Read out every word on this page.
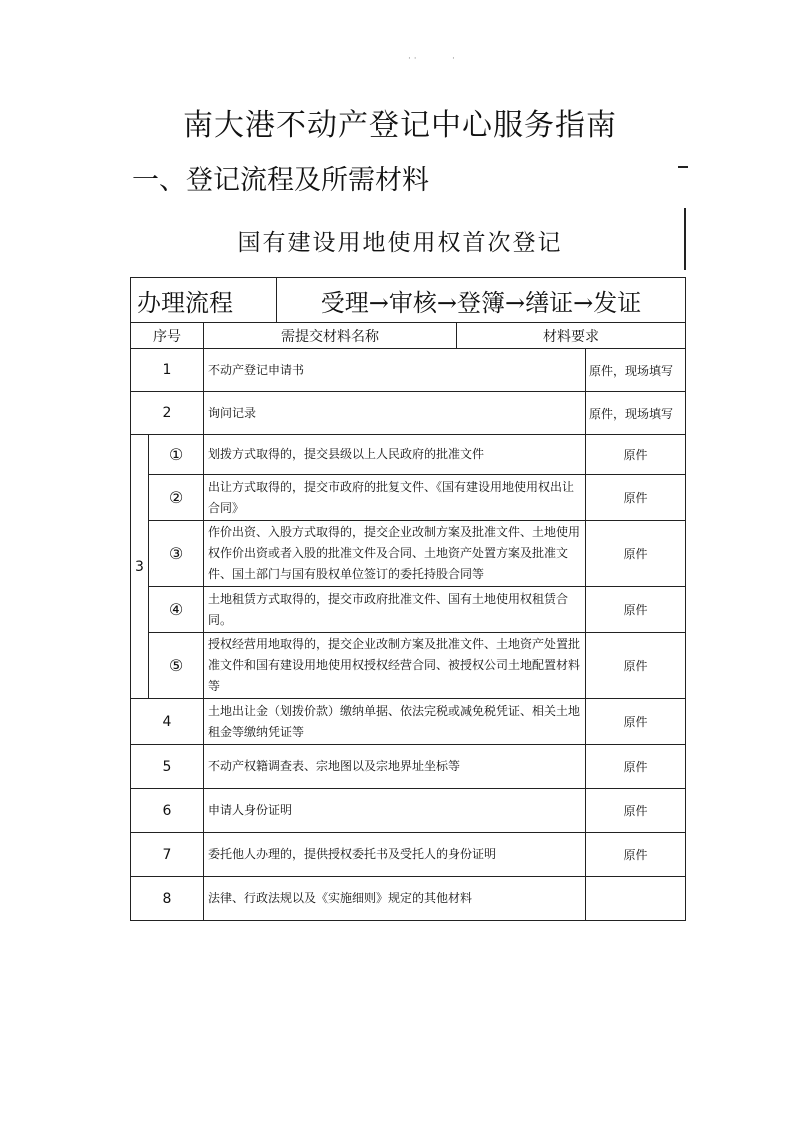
· ·	·
南大港不动产登记中心服务指南
一、登记流程及所需材料
国有建设用地使用权首次登记
办理流程			受理→审核→登簿→缮证→发证		
序号		需提交材料名称		材料要求	
1		不动产登记申请书			原件，现场填写
2		询问记录			原件，现场填写
3	①	划拨方式取得的，提交县级以上人民政府的批准文件			原件
	②	出让方式取得的，提交市政府的批复文件、《国有建设用地使用权出让合同》			原件
	③	作价出资、入股方式取得的，提交企业改制方案及批准文件、土地使用权作价出资或者入股的批准文件及合同、土地资产处置方案及批准文件、国土部门与国有股权单位签订的委托持股合同等			原件
	④	土地租赁方式取得的，提交市政府批准文件、国有土地使用权租赁合同。			原件
	⑤	授权经营用地取得的，提交企业改制方案及批准文件、土地资产处置批准文件和国有建设用地使用权授权经营合同、被授权公司土地配置材料等			原件
4		土地出让金（划拨价款）缴纳单据、依法完税或减免税凭证、相关土地租金等缴纳凭证等			原件
5		不动产权籍调查表、宗地图以及宗地界址坐标等			原件
6		申请人身份证明			原件
7		委托他人办理的，提供授权委托书及受托人的身份证明			原件
8		法律、行政法规以及《实施细则》规定的其他材料			
